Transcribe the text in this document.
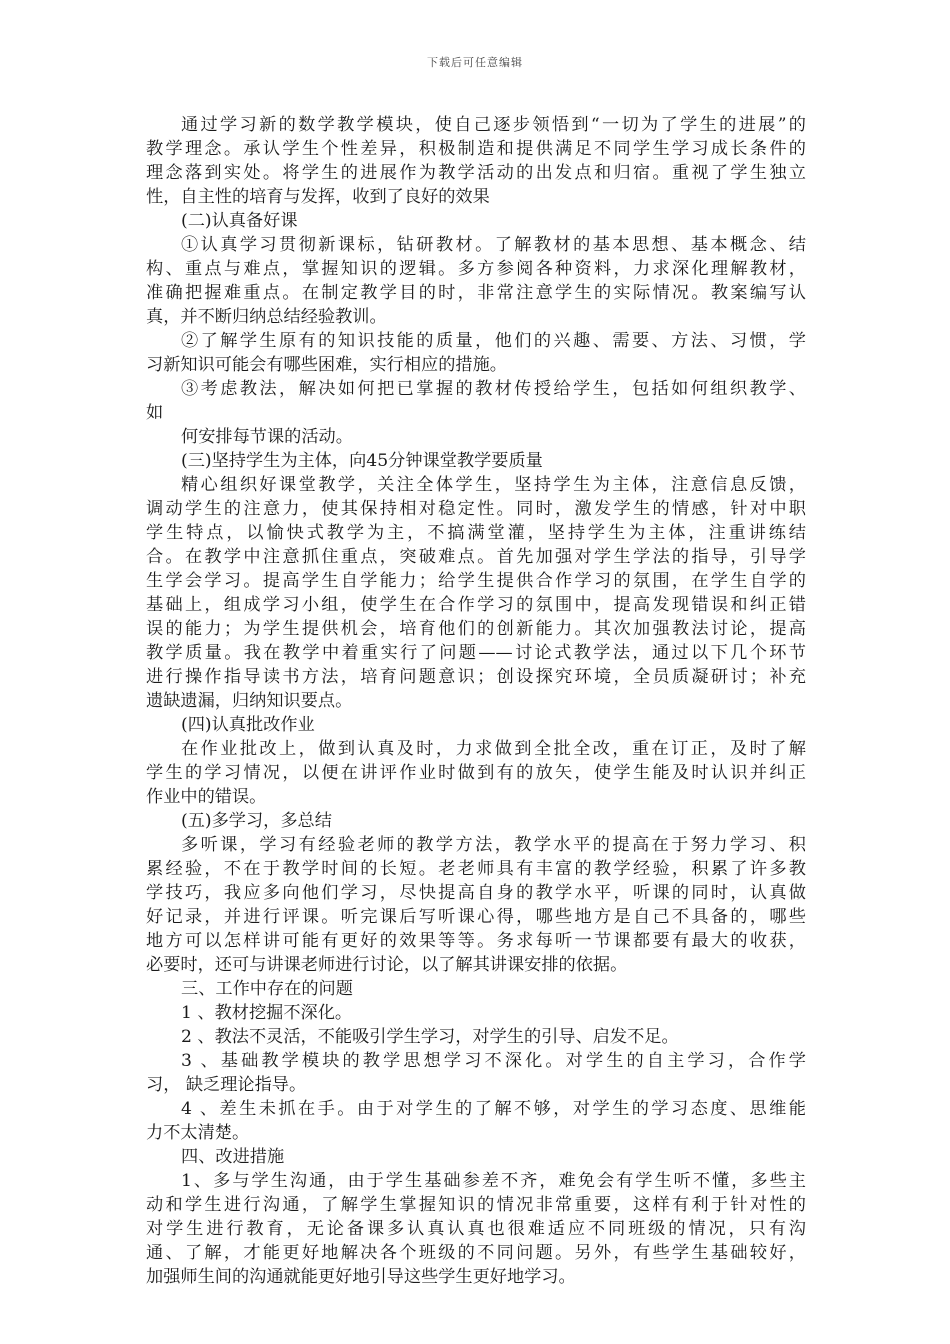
下载后可任意编辑
通过学习新的数学教学模块，使自己逐步领悟到“一切为了学生的进展”的
教学理念。承认学生个性差异，积极制造和提供满足不同学生学习成长条件的
理念落到实处。将学生的进展作为教学活动的出发点和归宿。重视了学生独立
性，自主性的培育与发挥，收到了良好的效果
(二)认真备好课
①认真学习贯彻新课标，钻研教材。了解教材的基本思想、基本概念、结
构、重点与难点，掌握知识的逻辑。多方参阅各种资料，力求深化理解教材，
准确把握难重点。在制定教学目的时，非常注意学生的实际情况。教案编写认
真，并不断归纳总结经验教训。
②了解学生原有的知识技能的质量，他们的兴趣、需要、方法、习惯，学
习新知识可能会有哪些困难，实行相应的措施。
③考虑教法，解决如何把已掌握的教材传授给学生，包括如何组织教学、
如
何安排每节课的活动。
(三)坚持学生为主体，向45分钟课堂教学要质量
精心组织好课堂教学，关注全体学生，坚持学生为主体，注意信息反馈，
调动学生的注意力，使其保持相对稳定性。同时，激发学生的情感，针对中职
学生特点，以愉快式教学为主，不搞满堂灌，坚持学生为主体，注重讲练结
合。在教学中注意抓住重点，突破难点。首先加强对学生学法的指导，引导学
生学会学习。提高学生自学能力；给学生提供合作学习的氛围，在学生自学的
基础上，组成学习小组，使学生在合作学习的氛围中，提高发现错误和纠正错
误的能力；为学生提供机会，培育他们的创新能力。其次加强教法讨论，提高
教学质量。我在教学中着重实行了问题——讨论式教学法，通过以下几个环节
进行操作指导读书方法，培育问题意识；创设探究环境，全员质凝研讨；补充
遗缺遗漏，归纳知识要点。
(四)认真批改作业
在作业批改上，做到认真及时，力求做到全批全改，重在订正，及时了解
学生的学习情况，以便在讲评作业时做到有的放矢，使学生能及时认识并纠正
作业中的错误。
(五)多学习，多总结
多听课，学习有经验老师的教学方法，教学水平的提高在于努力学习、积
累经验，不在于教学时间的长短。老老师具有丰富的教学经验，积累了许多教
学技巧，我应多向他们学习，尽快提高自身的教学水平，听课的同时，认真做
好记录，并进行评课。听完课后写听课心得，哪些地方是自己不具备的，哪些
地方可以怎样讲可能有更好的效果等等。务求每听一节课都要有最大的收获，
必要时，还可与讲课老师进行讨论，以了解其讲课安排的依据。
三、工作中存在的问题
1 、教材挖掘不深化。
2 、教法不灵活，不能吸引学生学习，对学生的引导、启发不足。
3 、基础教学模块的教学思想学习不深化。对学生的自主学习，合作学
习， 缺乏理论指导。
4 、差生未抓在手。由于对学生的了解不够，对学生的学习态度、思维能
力不太清楚。
四、改进措施
1、多与学生沟通，由于学生基础参差不齐，难免会有学生听不懂，多些主
动和学生进行沟通，了解学生掌握知识的情况非常重要，这样有利于针对性的
对学生进行教育，无论备课多认真认真也很难适应不同班级的情况，只有沟
通、了解，才能更好地解决各个班级的不同问题。另外，有些学生基础较好，
加强师生间的沟通就能更好地引导这些学生更好地学习。
